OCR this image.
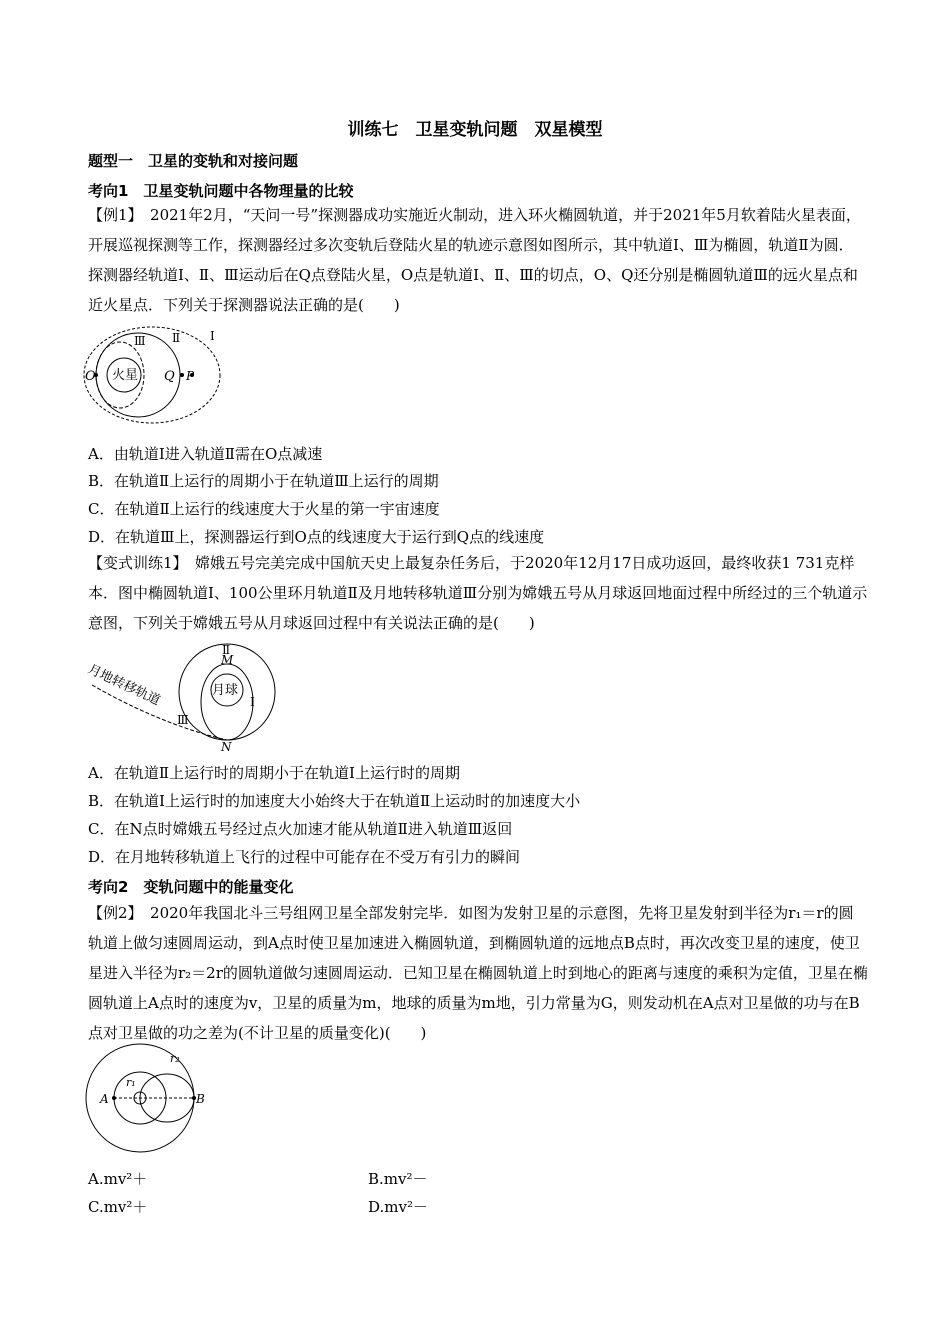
训练七　卫星变轨问题　双星模型
题型一　卫星的变轨和对接问题
考向1　卫星变轨问题中各物理量的比较
【例1】　2021年2月，“天问一号”探测器成功实施近火制动，进入环火椭圆轨道，并于2021年5月软着陆火星表面，开展巡视探测等工作，探测器经过多次变轨后登陆火星的轨迹示意图如图所示，其中轨道Ⅰ、Ⅲ为椭圆，轨道Ⅱ为圆．探测器经轨道Ⅰ、Ⅱ、Ⅲ运动后在Q点登陆火星，O点是轨道Ⅰ、Ⅱ、Ⅲ的切点，O、Q还分别是椭圆轨道Ⅲ的远火星点和近火星点．下列关于探测器说法正确的是(　　)
火星
O	Q P
Ⅲ Ⅱ Ⅰ
A．由轨道Ⅰ进入轨道Ⅱ需在O点减速
B．在轨道Ⅱ上运行的周期小于在轨道Ⅲ上运行的周期
C．在轨道Ⅱ上运行的线速度大于火星的第一宇宙速度
D．在轨道Ⅲ上，探测器运行到O点的线速度大于运行到Q点的线速度
【变式训练1】　嫦娥五号完美完成中国航天史上最复杂任务后，于2020年12月17日成功返回，最终收获1 731克样本．图中椭圆轨道Ⅰ、100公里环月轨道Ⅱ及月地转移轨道Ⅲ分别为嫦娥五号从月球返回地面过程中所经过的三个轨道示意图，下列关于嫦娥五号从月球返回过程中有关说法正确的是(　　)
月球
月地转移轨道
M
N
Ⅰ
Ⅱ
Ⅲ
A．在轨道Ⅱ上运行时的周期小于在轨道Ⅰ上运行时的周期
B．在轨道Ⅰ上运行时的加速度大小始终大于在轨道Ⅱ上运动时的加速度大小
C．在N点时嫦娥五号经过点火加速才能从轨道Ⅱ进入轨道Ⅲ返回
D．在月地转移轨道上飞行的过程中可能存在不受万有引力的瞬间
考向2　变轨问题中的能量变化
【例2】　2020年我国北斗三号组网卫星全部发射完毕．如图为发射卫星的示意图，先将卫星发射到半径为r₁＝r的圆轨道上做匀速圆周运动，到A点时使卫星加速进入椭圆轨道，到椭圆轨道的远地点B点时，再次改变卫星的速度，使卫星进入半径为r₂＝2r的圆轨道做匀速圆周运动．已知卫星在椭圆轨道上时到地心的距离与速度的乘积为定值，卫星在椭圆轨道上A点时的速度为v，卫星的质量为m，地球的质量为m地，引力常量为G，则发动机在A点对卫星做的功与在B点对卫星做的功之差为(不计卫星的质量变化)(　　)
A	B
r₁
r₂
A.mv²＋	B.mv²－
C.mv²＋	D.mv²－
